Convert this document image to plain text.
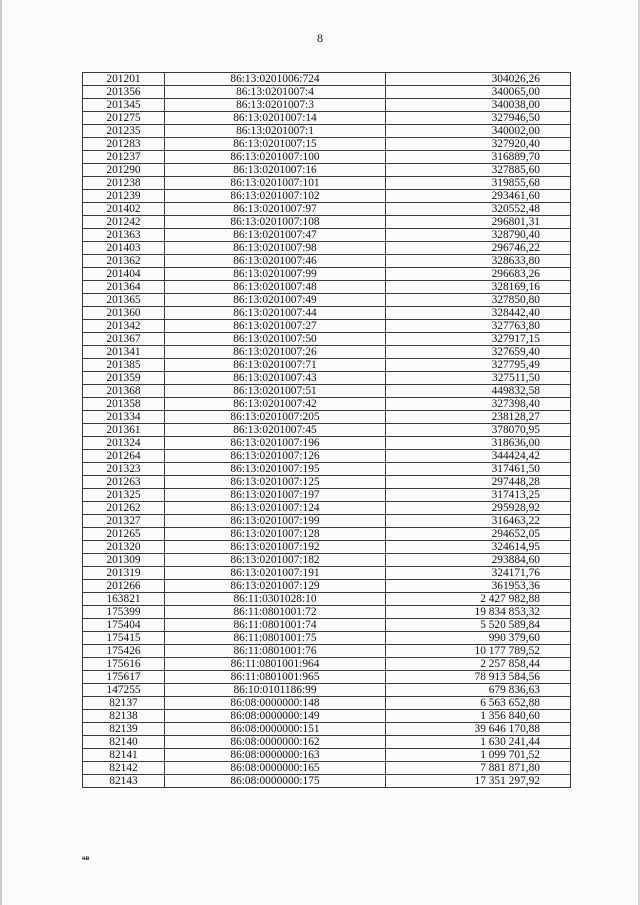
8
201201	86:13:0201006:724	304026,26
201356	86:13:0201007:4	340065,00
201345	86:13:0201007:3	340038,00
201275	86:13:0201007:14	327946,50
201235	86:13:0201007:1	340002,00
201283	86:13:0201007:15	327920,40
201237	86:13:0201007:100	316889,70
201290	86:13:0201007:16	327885,60
201238	86:13:0201007:101	319855,68
201239	86:13:0201007:102	293461,60
201402	86:13:0201007:97	320552,48
201242	86:13:0201007:108	296801,31
201363	86:13:0201007:47	328790,40
201403	86:13:0201007:98	296746,22
201362	86:13:0201007:46	328633,80
201404	86:13:0201007:99	296683,26
201364	86:13:0201007:48	328169,16
201365	86:13:0201007:49	327850,80
201360	86:13:0201007:44	328442,40
201342	86:13:0201007:27	327763,80
201367	86:13:0201007:50	327917,15
201341	86:13:0201007:26	327659,40
201385	86:13:0201007:71	327795,49
201359	86:13:0201007:43	327511,50
201368	86:13:0201007:51	449832,58
201358	86:13:0201007:42	327398,40
201334	86:13:0201007:205	238128,27
201361	86:13:0201007:45	378070,95
201324	86:13:0201007:196	318636,00
201264	86:13:0201007:126	344424,42
201323	86:13:0201007:195	317461,50
201263	86:13:0201007:125	297448,28
201325	86:13:0201007:197	317413,25
201262	86:13:0201007:124	295928,92
201327	86:13:0201007:199	316463,22
201265	86:13:0201007:128	294652,05
201320	86:13:0201007:192	324614,95
201309	86:13:0201007:182	293884,60
201319	86:13:0201007:191	324171,76
201266	86:13:0201007:129	361953,36
163821	86:11:0301028:10	2 427 982,88
175399	86:11:0801001:72	19 834 853,32
175404	86:11:0801001:74	5 520 589,84
175415	86:11:0801001:75	990 379,60
175426	86:11:0801001:76	10 177 789,52
175616	86:11:0801001:964	2 257 858,44
175617	86:11:0801001:965	78 913 584,56
147255	86:10:0101186:99	679 836,63
82137	86:08:0000000:148	6 563 652,88
82138	86:08:0000000:149	1 356 840,60
82139	86:08:0000000:151	39 646 170,88
82140	86:08:0000000:162	1 630 241,44
82141	86:08:0000000:163	1 099 701,52
82142	86:08:0000000:165	7 881 871,80
82143	86:08:0000000:175	17 351 297,92
нв
